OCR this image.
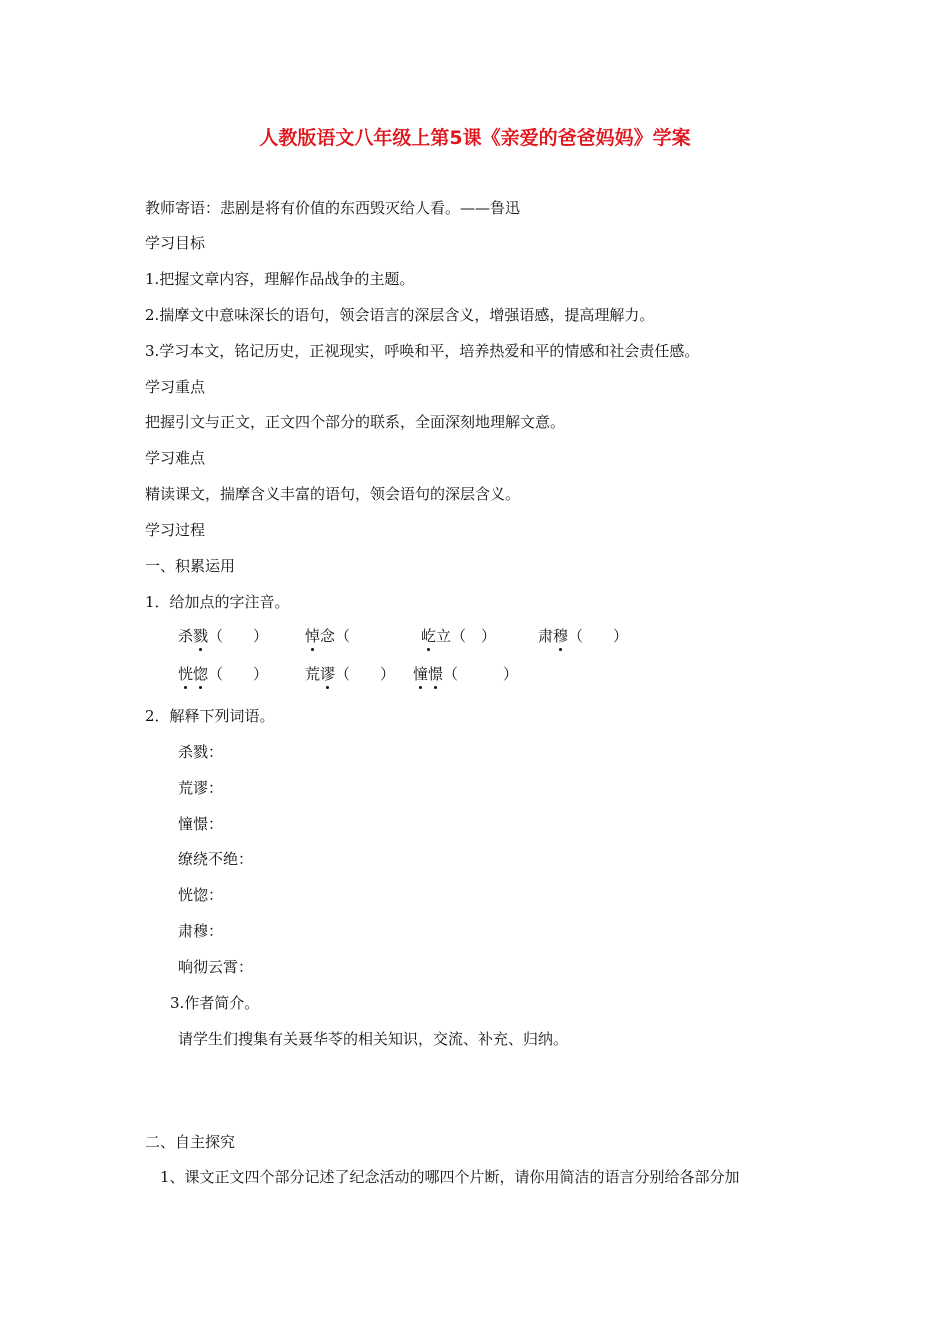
人教版语文八年级上第5课《亲爱的爸爸妈妈》学案
教师寄语：悲剧是将有价值的东西毁灭给人看。——鲁迅
学习目标
1.把握文章内容，理解作品战争的主题。
2.揣摩文中意味深长的语句，领会语言的深层含义，增强语感，提高理解力。
3.学习本文，铭记历史，正视现实，呼唤和平，培养热爱和平的情感和社会责任感。
学习重点
把握引文与正文，正文四个部分的联系，全面深刻地理解文意。
学习难点
精读课文，揣摩含义丰富的语句，领会语句的深层含义。
学习过程
一、积累运用
1．给加点的字注音。
杀戮（　　） 悼念（　　　 屹立（　）	肃穆（　　）
恍惚（　　） 荒谬（　　） 憧憬（　　　）
2．解释下列词语。
杀戮：
荒谬：
憧憬：
缭绕不绝：
恍惚：
肃穆：
响彻云霄：
3.作者简介。
请学生们搜集有关聂华苓的相关知识，交流、补充、归纳。
二、自主探究
1、课文正文四个部分记述了纪念活动的哪四个片断，请你用简洁的语言分别给各部分加
